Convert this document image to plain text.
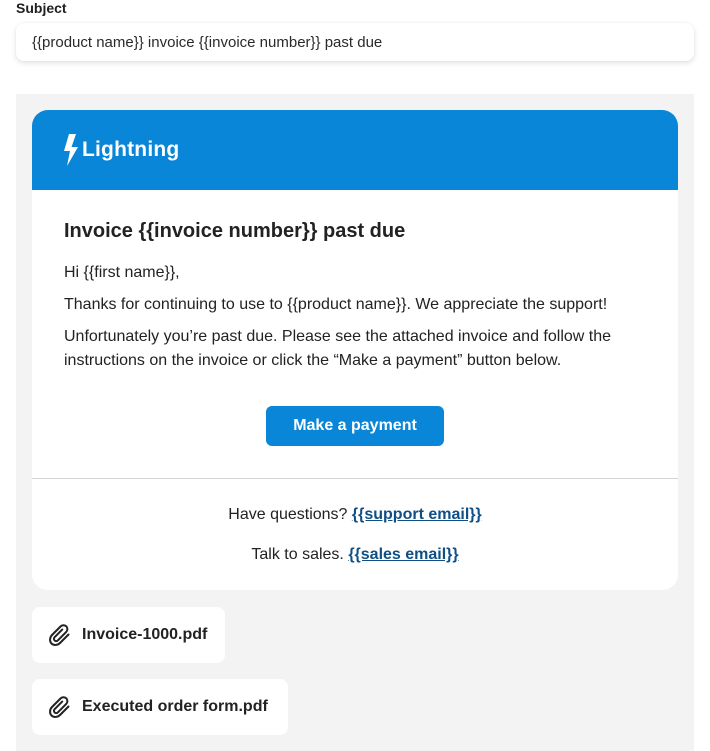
Subject
{{product name}} invoice {{invoice number}} past due
Lightning
Invoice {{invoice number}} past due

Hi {{first name}},

Thanks for continuing to use to {{product name}}. We appreciate the support!

Unfortunately you’re past due. Please see the attached invoice and follow the instructions on the invoice or click the “Make a payment” button below.

Make a payment
Have questions? {{support email}}
Talk to sales. {{sales email}}
Invoice-1000.pdf
Executed order form.pdf
